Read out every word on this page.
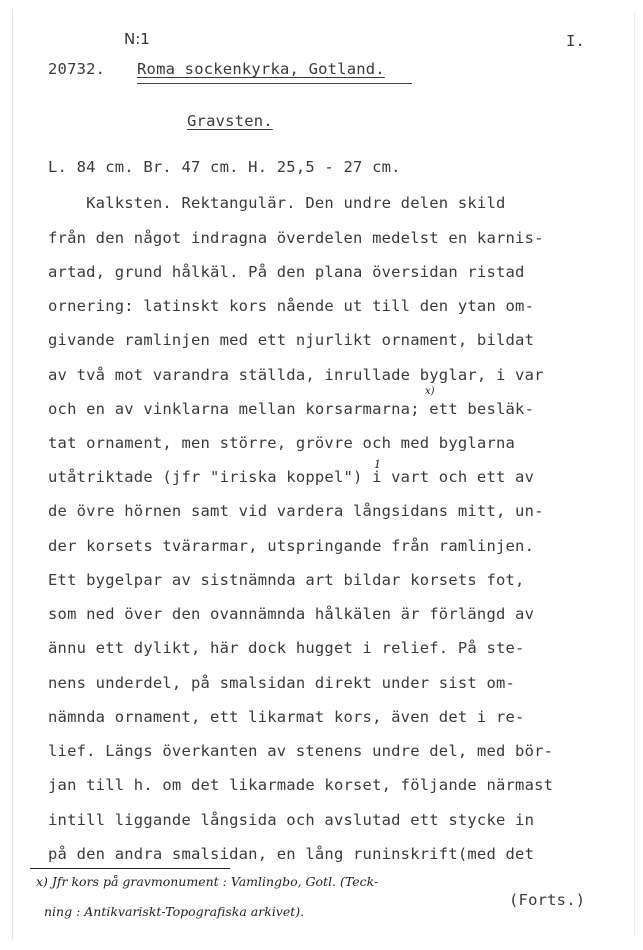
N:1	I.
20732. Roma sockenkyrka, Gotland.
Gravsten.
L. 84 cm. Br. 47 cm. H. 25,5 - 27 cm.
Kalksten. Rektangulär. Den undre delen skild
från den något indragna överdelen medelst en karnis-
artad, grund hålkäl. På den plana översidan ristad
ornering: latinskt kors nående ut till den ytan om-
givande ramlinjen med ett njurlikt ornament, bildat
av två mot varandra ställda, inrullade byglar, i var
och en av vinklarna mellan korsarmarna; ett besläk-
tat ornament, men större, grövre och med byglarna
utåtriktade (jfr "iriska koppel") i vart och ett av
de övre hörnen samt vid vardera långsidans mitt, un-
der korsets tvärarmar, utspringande från ramlinjen.
Ett bygelpar av sistnämnda art bildar korsets fot,
som ned över den ovannämnda hålkälen är förlängd av
ännu ett dylikt, här dock hugget i relief. På ste-
nens underdel, på smalsidan direkt under sist om-
nämnda ornament, ett likarmat kors, även det i re-
lief. Längs överkanten av stenens undre del, med bör-
jan till h. om det likarmade korset, följande närmast
intill liggande långsida och avslutad ett stycke in
på den andra smalsidan, en lång runinskrift(med det
x)
1
x) Jfr kors på gravmonument : Vamlingbo, Gotl. (Teck-
ning : Antikvariskt-Topografiska arkivet).
(Forts.)
